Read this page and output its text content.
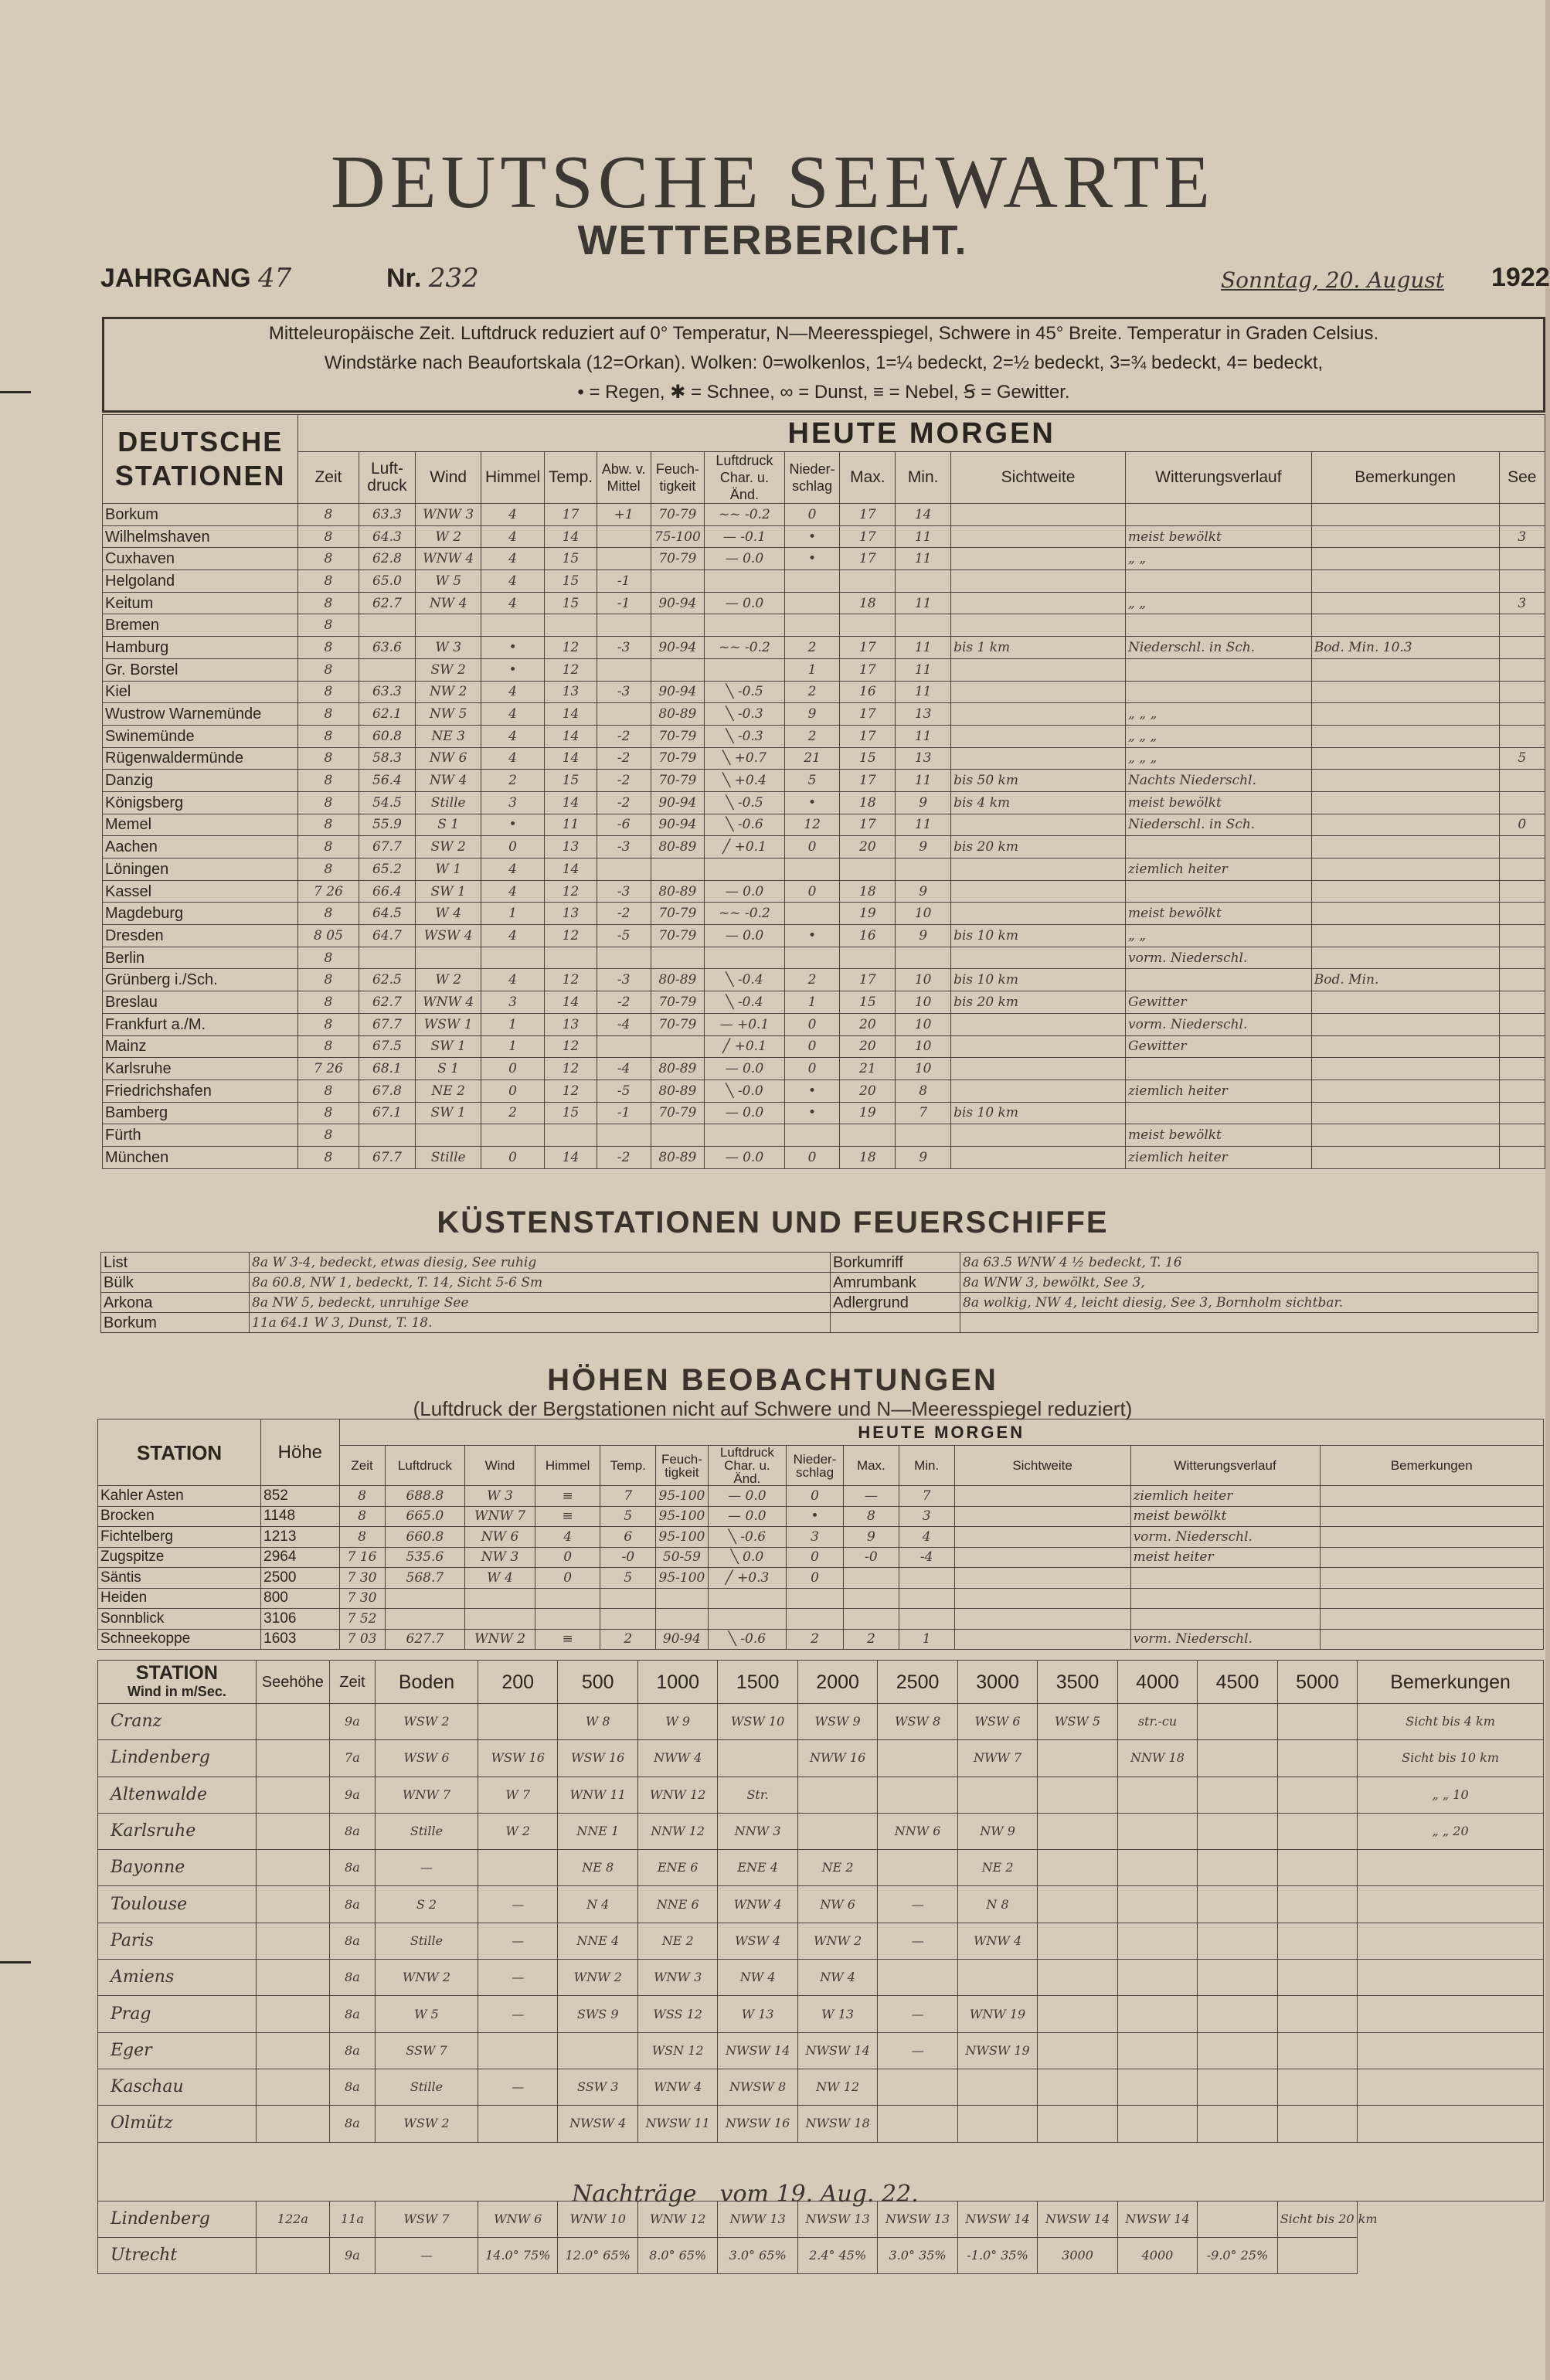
DEUTSCHE SEEWARTE
WETTERBERICHT.
JAHRGANG 47	Nr. 232	Sonntag, 20. August 1922
Mitteleuropäische Zeit. Luftdruck reduziert auf 0° Temperatur, N—Meeresspiegel, Schwere in 45° Breite. Temperatur in Graden Celsius.
Windstärke nach Beaufortskala (12=Orkan). Wolken: 0=wolkenlos, 1=¼ bedeckt, 2=½ bedeckt, 3=¾ bedeckt, 4= bedeckt,
• = Regen, ✱ = Schnee, ∞ = Dunst, ≡ = Nebel, Ꞩ = Gewitter.
DEUTSCHE STATIONEN	HEUTE MORGEN														
	Zeit	Luft-druck	Wind	Himmel	Temp.	Abw. v. Mittel	Feuch-tigkeit	Luftdruck Char. u. Änd.	Nieder-schlag	Max.	Min.	Sichtweite	Witterungsverlauf	Bemerkungen	See
Borkum	8	63.3	WNW 3	4	17	+1	70-79	~~ -0.2	0	17	14				
Wilhelmshaven	8	64.3	W 2	4	14		75-100	— -0.1	•	17	11		meist bewölkt		3
Cuxhaven	8	62.8	WNW 4	4	15		70-79	— 0.0	•	17	11		„ „		
Helgoland	8	65.0	W 5	4	15	-1									
Keitum	8	62.7	NW 4	4	15	-1	90-94	— 0.0		18	11		„ „		3
Bremen	8														
Hamburg	8	63.6	W 3	•	12	-3	90-94	~~ -0.2	2	17	11	bis 1 km	Niederschl. in Sch.	Bod. Min. 10.3	
Gr. Borstel	8		SW 2	•	12				1	17	11				
Kiel	8	63.3	NW 2	4	13	-3	90-94	╲ -0.5	2	16	11				
Wustrow Warnemünde	8	62.1	NW 5	4	14		80-89	╲ -0.3	9	17	13		„ „ „		
Swinemünde	8	60.8	NE 3	4	14	-2	70-79	╲ -0.3	2	17	11		„ „ „		
Rügenwaldermünde	8	58.3	NW 6	4	14	-2	70-79	╲ +0.7	21	15	13		„ „ „		5
Danzig	8	56.4	NW 4	2	15	-2	70-79	╲ +0.4	5	17	11	bis 50 km	Nachts Niederschl.		
Königsberg	8	54.5	Stille	3	14	-2	90-94	╲ -0.5	•	18	9	bis 4 km	meist bewölkt		
Memel	8	55.9	S 1	•	11	-6	90-94	╲ -0.6	12	17	11		Niederschl. in Sch.		0
Aachen	8	67.7	SW 2	0	13	-3	80-89	╱ +0.1	0	20	9	bis 20 km			
Löningen	8	65.2	W 1	4	14								ziemlich heiter		
Kassel	7 26	66.4	SW 1	4	12	-3	80-89	— 0.0	0	18	9				
Magdeburg	8	64.5	W 4	1	13	-2	70-79	~~ -0.2		19	10		meist bewölkt		
Dresden	8 05	64.7	WSW 4	4	12	-5	70-79	— 0.0	•	16	9	bis 10 km	„ „		
Berlin	8												vorm. Niederschl.		
Grünberg i./Sch.	8	62.5	W 2	4	12	-3	80-89	╲ -0.4	2	17	10	bis 10 km		Bod. Min.	
Breslau	8	62.7	WNW 4	3	14	-2	70-79	╲ -0.4	1	15	10	bis 20 km	Gewitter		
Frankfurt a./M.	8	67.7	WSW 1	1	13	-4	70-79	— +0.1	0	20	10		vorm. Niederschl.		
Mainz	8	67.5	SW 1	1	12			╱ +0.1	0	20	10		Gewitter		
Karlsruhe	7 26	68.1	S 1	0	12	-4	80-89	— 0.0	0	21	10				
Friedrichshafen	8	67.8	NE 2	0	12	-5	80-89	╲ -0.0	•	20	8		ziemlich heiter		
Bamberg	8	67.1	SW 1	2	15	-1	70-79	— 0.0	•	19	7	bis 10 km			
Fürth	8												meist bewölkt		
München	8	67.7	Stille	0	14	-2	80-89	— 0.0	0	18	9		ziemlich heiter		
KÜSTENSTATIONEN UND FEUERSCHIFFE
List	8a W 3-4, bedeckt, etwas diesig, See ruhig	Borkumriff	8a 63.5 WNW 4 ½ bedeckt, T. 16
Bülk	8a 60.8, NW 1, bedeckt, T. 14, Sicht 5-6 Sm	Amrumbank	8a WNW 3, bewölkt, See 3,
Arkona	8a NW 5, bedeckt, unruhige See	Adlergrund	8a wolkig, NW 4, leicht diesig, See 3, Bornholm sichtbar.
Borkum	11a 64.1 W 3, Dunst, T. 18.		
HÖHEN BEOBACHTUNGEN
(Luftdruck der Bergstationen nicht auf Schwere und N—Meeresspiegel reduziert)
STATION	Höhe	HEUTE MORGEN												
		Zeit	Luftdruck	Wind	Himmel	Temp.	Feuch-tigkeit	Luftdruck Char. u. Änd.	Nieder-schlag	Max.	Min.	Sichtweite	Witterungsverlauf	Bemerkungen
Kahler Asten	852	8	688.8	W 3	≡	7	95-100	— 0.0	0	—	7		ziemlich heiter	
Brocken	1148	8	665.0	WNW 7	≡	5	95-100	— 0.0	•	8	3		meist bewölkt	
Fichtelberg	1213	8	660.8	NW 6	4	6	95-100	╲ -0.6	3	9	4		vorm. Niederschl.	
Zugspitze	2964	7 16	535.6	NW 3	0	-0	50-59	╲ 0.0	0	-0	-4		meist heiter	
Säntis	2500	7 30	568.7	W 4	0	5	95-100	╱ +0.3	0					
Heiden	800	7 30												
Sonnblick	3106	7 52												
Schneekoppe	1603	7 03	627.7	WNW 2	≡	2	90-94	╲ -0.6	2	2	1		vorm. Niederschl.	
STATION
Wind in m/Sec.	Seehöhe	Zeit	Boden	200	500	1000	1500	2000	2500	3000	3500	4000	4500	5000	Bemerkungen
Cranz		9a	WSW 2		W 8	W 9	WSW 10	WSW 9	WSW 8	WSW 6	WSW 5	str.-cu			Sicht bis 4 km
Lindenberg		7a	WSW 6	WSW 16	WSW 16	NWW 4		NWW 16		NWW 7		NNW 18			Sicht bis 10 km
Altenwalde		9a	WNW 7	W 7	WNW 11	WNW 12	Str.								„ „ 10
Karlsruhe		8a	Stille	W 2	NNE 1	NNW 12	NNW 3		NNW 6	NW 9					„ „ 20
Bayonne		8a	—		NE 8	ENE 6	ENE 4	NE 2		NE 2					
Toulouse		8a	S 2	—	N 4	NNE 6	WNW 4	NW 6	—	N 8					
Paris		8a	Stille	—	NNE 4	NE 2	WSW 4	WNW 2	—	WNW 4					
Amiens		8a	WNW 2	—	WNW 2	WNW 3	NW 4	NW 4							
Prag		8a	W 5	—	SWS 9	WSS 12	W 13	W 13	—	WNW 19					
Eger		8a	SSW 7			WSN 12	NWSW 14	NWSW 14	—	NWSW 19					
Kaschau		8a	Stille	—	SSW 3	WNW 4	NWSW 8	NW 12							
Olmütz		8a	WSW 2		NWSW 4	NWSW 11	NWSW 16	NWSW 18							

Lindenberg	122a	11a	WSW 7	WNW 6	WNW 10	WNW 12	NWW 13	NWSW 13	NWSW 13	NWSW 14	NWSW 14	NWSW 14		Sicht bis 20 km	
Utrecht		9a	—	14.0° 75%	12.0° 65%	8.0° 65%	3.0° 65%	2.4° 45%	3.0° 35%	-1.0° 35%	3000	4000	-9.0° 25%		
Nachträge vom 19. Aug. 22.
